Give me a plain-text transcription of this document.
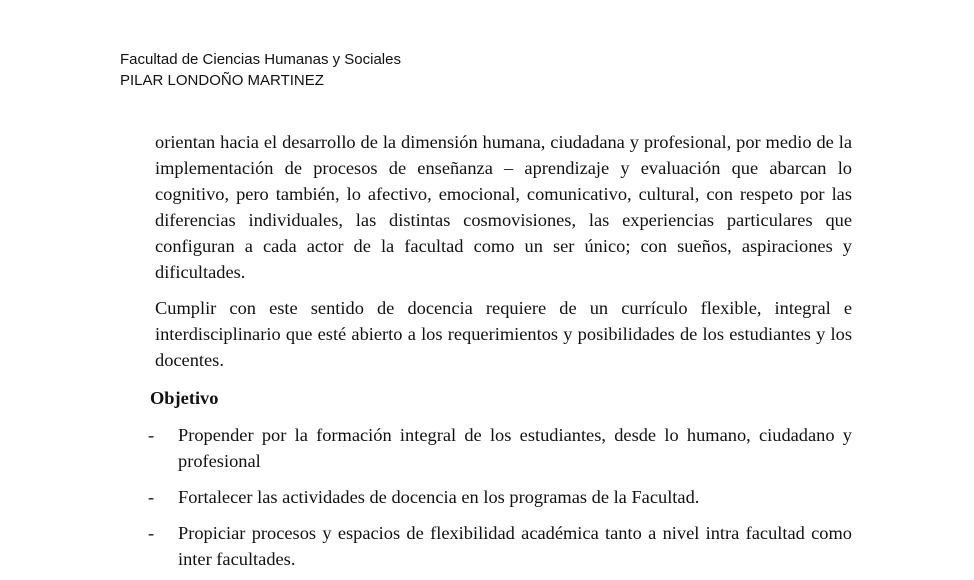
Facultad de Ciencias Humanas y Sociales
PILAR LONDOÑO MARTINEZ

orientan hacia el desarrollo de la dimensión humana, ciudadana y profesional, por medio de la implementación de procesos de enseñanza – aprendizaje y evaluación que abarcan lo cognitivo, pero también, lo afectivo, emocional, comunicativo, cultural, con respeto por las diferencias individuales, las distintas cosmovisiones, las experiencias particulares que configuran a cada actor de la facultad como un ser único; con sueños, aspiraciones y dificultades.

Cumplir con este sentido de docencia requiere de un currículo flexible, integral e interdisciplinario que esté abierto a los requerimientos y posibilidades de los estudiantes y los docentes.

Objetivo
- Propender por la formación integral de los estudiantes, desde lo humano, ciudadano y profesional
- Fortalecer las actividades de docencia en los programas de la Facultad.
- Propiciar procesos y espacios de flexibilidad académica tanto a nivel intra facultad como inter facultades.
